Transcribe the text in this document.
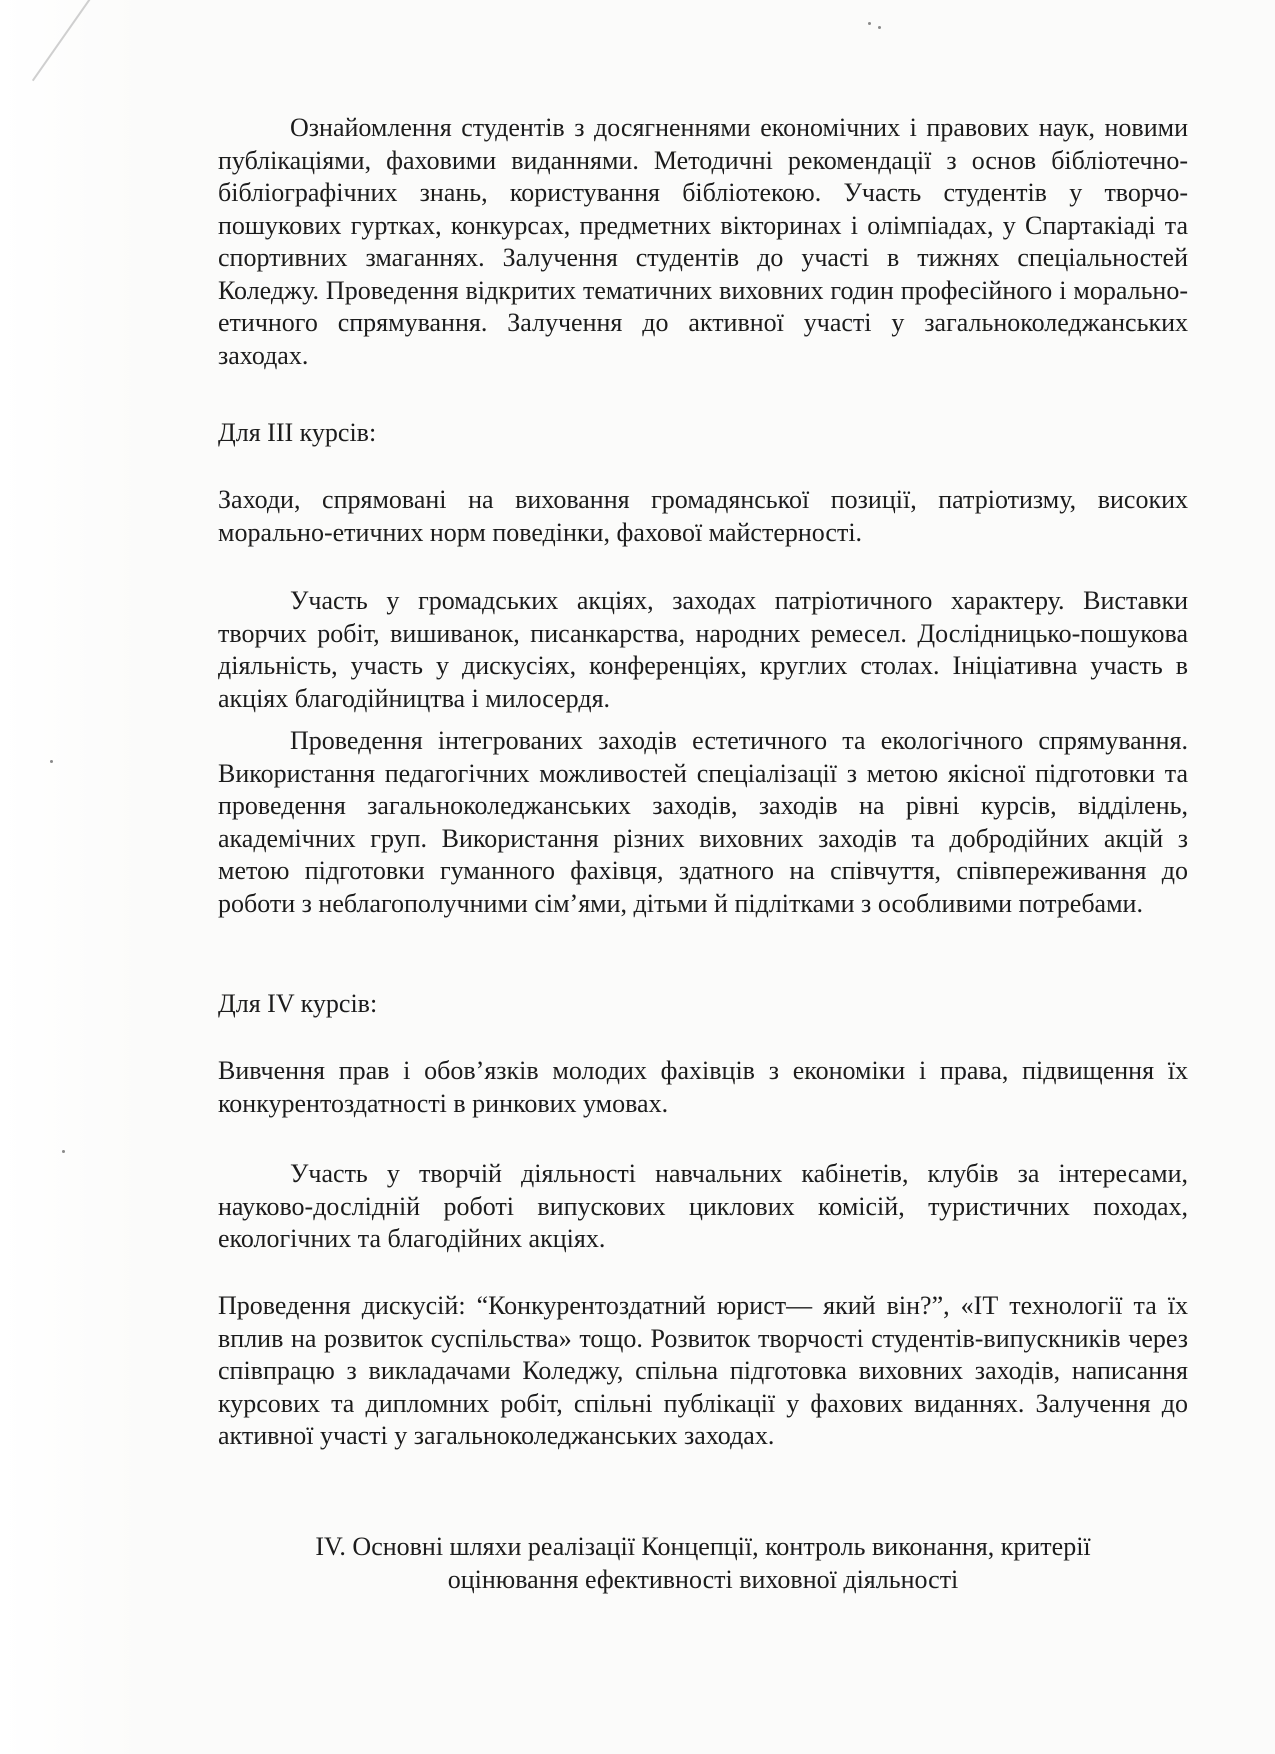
Ознайомлення студентів з досягненнями економічних і правових наук, новими публікаціями, фаховими виданнями. Методичні рекомендації з основ бібліотечно-бібліографічних знань, користування бібліотекою. Участь студентів у творчо-пошукових гуртках, конкурсах, предметних вікторинах і олімпіадах, у Спартакіаді та спортивних змаганнях. Залучення студентів до участі в тижнях спеціальностей Коледжу. Проведення відкритих тематичних виховних годин професійного і морально-етичного спрямування. Залучення до активної участі у загальноколеджанських заходах.

Для ІІІ курсів:

Заходи, спрямовані на виховання громадянської позиції, патріотизму, високих морально-етичних норм поведінки, фахової майстерності.

Участь у громадських акціях, заходах патріотичного характеру. Виставки творчих робіт, вишиванок, писанкарства, народних ремесел. Дослідницько-пошукова діяльність, участь у дискусіях, конференціях, круглих столах. Ініціативна участь в акціях благодійництва і милосердя.

Проведення інтегрованих заходів естетичного та екологічного спрямування. Використання педагогічних можливостей спеціалізації з метою якісної підготовки та проведення загальноколеджанських заходів, заходів на рівні курсів, відділень, академічних груп. Використання різних виховних заходів та добродійних акцій з метою підготовки гуманного фахівця, здатного на співчуття, співпереживання до роботи з неблагополучними сім’ями, дітьми й підлітками з особливими потребами.

Для ІV курсів:

Вивчення прав і обов’язків молодих фахівців з економіки і права, підвищення їх конкурентоздатності в ринкових умовах.

Участь у творчій діяльності навчальних кабінетів, клубів за інтересами, науково-дослідній роботі випускових циклових комісій, туристичних походах, екологічних та благодійних акціях.

Проведення дискусій: “Конкурентоздатний юрист— який він?”, «ІТ технології та їх вплив на розвиток суспільства» тощо. Розвиток творчості студентів-випускників через співпрацю з викладачами Коледжу, спільна підготовка виховних заходів, написання курсових та дипломних робіт, спільні публікації у фахових виданнях. Залучення до активної участі у загальноколеджанських заходах.

IV. Основні шляхи реалізації Концепції, контроль виконання, критерії
оцінювання ефективності виховної діяльності
